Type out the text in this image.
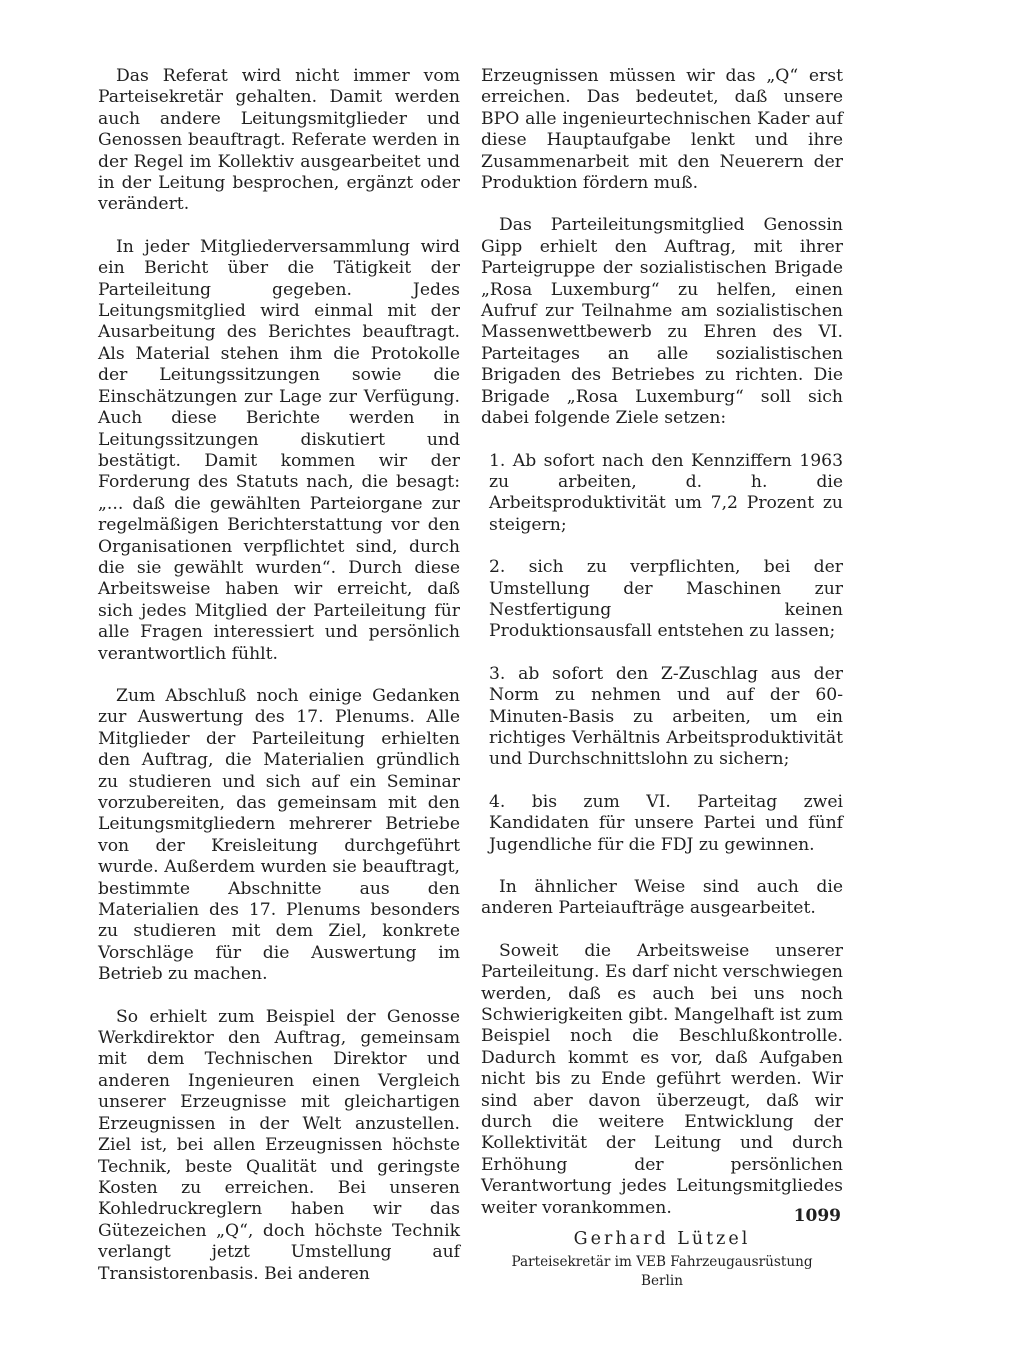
Das Referat wird nicht immer vom Parteisekretär gehalten. Damit werden auch andere Leitungsmitglieder und Genossen beauftragt. Referate werden in der Regel im Kollektiv ausgearbeitet und in der Leitung besprochen, ergänzt oder verändert.

In jeder Mitgliederversammlung wird ein Bericht über die Tätigkeit der Parteileitung gegeben. Jedes Leitungsmitglied wird einmal mit der Ausarbeitung des Berichtes beauftragt. Als Material stehen ihm die Protokolle der Leitungssitzungen sowie die Einschätzungen zur Lage zur Verfügung. Auch diese Berichte werden in Leitungssitzungen diskutiert und bestätigt. Damit kommen wir der Forderung des Statuts nach, die besagt: „... daß die gewählten Parteiorgane zur regelmäßigen Berichterstattung vor den Organisationen verpflichtet sind, durch die sie gewählt wurden“. Durch diese Arbeitsweise haben wir erreicht, daß sich jedes Mitglied der Parteileitung für alle Fragen interessiert und persönlich verantwortlich fühlt.

Zum Abschluß noch einige Gedanken zur Auswertung des 17. Plenums. Alle Mitglieder der Parteileitung erhielten den Auftrag, die Materialien gründlich zu studieren und sich auf ein Seminar vorzubereiten, das gemeinsam mit den Leitungsmitgliedern mehrerer Betriebe von der Kreisleitung durchgeführt wurde. Außerdem wurden sie beauftragt, bestimmte Abschnitte aus den Materialien des 17. Plenums besonders zu studieren mit dem Ziel, konkrete Vorschläge für die Auswertung im Betrieb zu machen.

So erhielt zum Beispiel der Genosse Werkdirektor den Auftrag, gemeinsam mit dem Technischen Direktor und anderen Ingenieuren einen Vergleich unserer Erzeugnisse mit gleichartigen Erzeugnissen in der Welt anzustellen. Ziel ist, bei allen Erzeugnissen höchste Technik, beste Qualität und geringste Kosten zu erreichen. Bei unseren Kohledruckreglern haben wir das Gütezeichen „Q“, doch höchste Technik verlangt jetzt Umstellung auf Transistorenbasis. Bei anderen

Erzeugnissen müssen wir das „Q“ erst erreichen. Das bedeutet, daß unsere BPO alle ingenieurtechnischen Kader auf diese Hauptaufgabe lenkt und ihre Zusammenarbeit mit den Neuerern der Produktion fördern muß.

Das Parteileitungsmitglied Genossin Gipp erhielt den Auftrag, mit ihrer Parteigruppe der sozialistischen Brigade „Rosa Luxemburg“ zu helfen, einen Aufruf zur Teilnahme am sozialistischen Massenwettbewerb zu Ehren des VI. Parteitages an alle sozialistischen Brigaden des Betriebes zu richten. Die Brigade „Rosa Luxemburg“ soll sich dabei folgende Ziele setzen:

1. Ab sofort nach den Kennziffern 1963 zu arbeiten, d. h. die Arbeitsproduktivität um 7,2 Prozent zu steigern;

2. sich zu verpflichten, bei der Umstellung der Maschinen zur Nestfertigung keinen Produktionsausfall entstehen zu lassen;

3. ab sofort den Z-Zuschlag aus der Norm zu nehmen und auf der 60-Minuten-Basis zu arbeiten, um ein richtiges Verhältnis Arbeitsproduktivität und Durchschnittslohn zu sichern;

4. bis zum VI. Parteitag zwei Kandidaten für unsere Partei und fünf Jugendliche für die FDJ zu gewinnen.

In ähnlicher Weise sind auch die anderen Parteiaufträge ausgearbeitet.

Soweit die Arbeitsweise unserer Parteileitung. Es darf nicht verschwiegen werden, daß es auch bei uns noch Schwierigkeiten gibt. Mangelhaft ist zum Beispiel noch die Beschlußkontrolle. Dadurch kommt es vor, daß Aufgaben nicht bis zu Ende geführt werden. Wir sind aber davon überzeugt, daß wir durch die weitere Entwicklung der Kollektivität der Leitung und durch Erhöhung der persönlichen Verantwortung jedes Leitungsmitgliedes weiter vorankommen.

Gerhard Lützel
Parteisekretär im VEB Fahrzeugausrüstung
Berlin
1099
